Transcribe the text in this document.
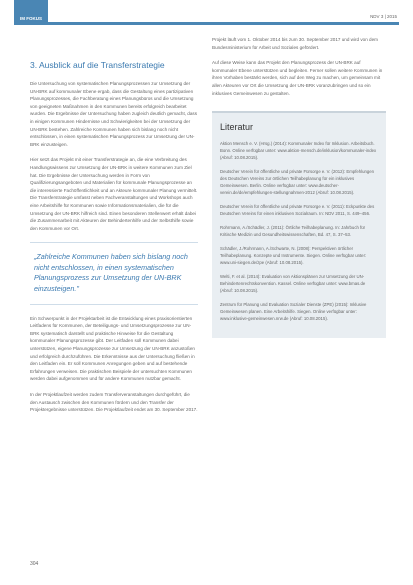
IM FOKUS	NDV 3 | 2015
3. Ausblick auf die Transferstrategie

Die Untersuchung von systematischen Planungsprozessen zur Umsetzung der UN-BRK auf kommunaler Ebene ergab, dass die Gestaltung eines partizipativen Planungsprozesses, die Fachberatung eines Planungsbüros und die Umsetzung von geeigneten Maßnahmen in den Kommunen bereits erfolgreich bearbeitet wurden. Die Ergebnisse der Untersuchung haben zugleich deutlich gemacht, dass in einigen Kommunen Hindernisse und Schwierigkeiten bei der Umsetzung der UN-BRK bestehen. Zahlreiche Kommunen haben sich bislang noch nicht entschlossen, in einen systematischen Planungsprozess zur Umsetzung der UN-BRK einzusteigen.

Hier setzt das Projekt mit einer Transferstrategie an, die eine Verbreitung des Handlungswissens zur Umsetzung der UN-BRK in weitere Kommunen zum Ziel hat. Die Ergebnisse der Untersuchung werden in Form von Qualifizierungsangeboten und Materialien für kommunale Planungsprozesse an die interessierte Fachöffentlichkeit und an Akteure kommunaler Planung vermittelt. Die Transferstrategie umfasst neben Fachveranstaltungen und Workshops auch eine Arbeitshilfe für Kommunen sowie Informationsmaterialien, die für die Umsetzung der UN-BRK hilfreich sind. Einen besonderen Stellenwert erhält dabei die Zusammenarbeit mit Akteuren der Behindertenhilfe und der Selbsthilfe sowie den Kommunen vor Ort.

„Zahlreiche Kommunen haben sich bislang noch nicht entschlossen, in einen systematischen Planungsprozess zur Umsetzung der UN-BRK einzusteigen."

Ein Schwerpunkt in der Projektarbeit ist die Entwicklung eines praxisorientierten Leitfadens für Kommunen, der Beteiligungs- und Umsetzungsprozesse zur UN-BRK systematisch darstellt und praktische Hinweise für die Gestaltung kommunaler Planungsprozesse gibt. Der Leitfaden soll Kommunen dabei unterstützen, eigene Planungsprozesse zur Umsetzung der UN-BRK anzustoßen und erfolgreich durchzuführen. Die Erkenntnisse aus der Untersuchung fließen in den Leitfaden ein. Er soll Kommunen Anregungen geben und auf bestehende Erfahrungen verweisen. Die praktischen Beispiele der untersuchten Kommunen werden dabei aufgenommen und für andere Kommunen nutzbar gemacht.

In der Projektlaufzeit werden zudem Transferveranstaltungen durchgeführt, die den Austausch zwischen den Kommunen fördern und den Transfer der Projektergebnisse unterstützen. Die Projektlaufzeit endet am 30. September 2017.

Projekt läuft vom 1. Oktober 2014 bis zum 30. September 2017 und wird von dem Bundesministerium für Arbeit und Soziales gefördert.

Auf diese Weise kann das Projekt den Planungsprozess der UN-BRK auf kommunaler Ebene unterstützen und begleiten. Ferner sollen weitere Kommunen in ihren Vorhaben bestärkt werden, sich auf den Weg zu machen, um gemeinsam mit allen Akteuren vor Ort die Umsetzung der UN-BRK voranzubringen und so ein inklusives Gemeinwesen zu gestalten.

Literatur

Aktion Mensch e. V. (Hrsg.) (2014): Kommunaler Index für Inklusion. Arbeitsbuch. Bonn. Online verfügbar unter: www.aktion-mensch.de/inklusion/kommunaler-index (Abruf: 10.08.2015).

Deutscher Verein für öffentliche und private Fürsorge e. V. (2012): Empfehlungen des Deutschen Vereins zur örtlichen Teilhabeplanung für ein inklusives Gemeinwesen. Berlin. Online verfügbar unter: www.deutscher-verein.de/de/empfehlungen-stellungnahmen-2012 (Abruf: 10.08.2015).

Deutscher Verein für öffentliche und private Fürsorge e. V. (2011): Eckpunkte des Deutschen Vereins für einen inklusiven Sozialraum. In: NDV 2011, S. 449–456.

Rohrmann, A./Schädler, J. (2011): Örtliche Teilhabeplanung. In: Jahrbuch für Kritische Medizin und Gesundheitswissenschaften, Bd. 47, S. 37–53.

Schädler, J./Rohrmann, A./Schwarte, N. (2008): Perspektiven örtlicher Teilhabeplanung. Konzepte und Instrumente. Siegen. Online verfügbar unter: www.uni-siegen.de/zpe (Abruf: 10.08.2015).

Welti, F. et al. (2014): Evaluation von Aktionsplänen zur Umsetzung der UN-Behindertenrechtskonvention. Kassel. Online verfügbar unter: www.bmas.de (Abruf: 10.08.2015).

Zentrum für Planung und Evaluation Sozialer Dienste (ZPE) (2015): Inklusive Gemeinwesen planen. Eine Arbeitshilfe. Siegen. Online verfügbar unter: www.inklusive-gemeinwesen.nrw.de (Abruf: 10.08.2015).

304
